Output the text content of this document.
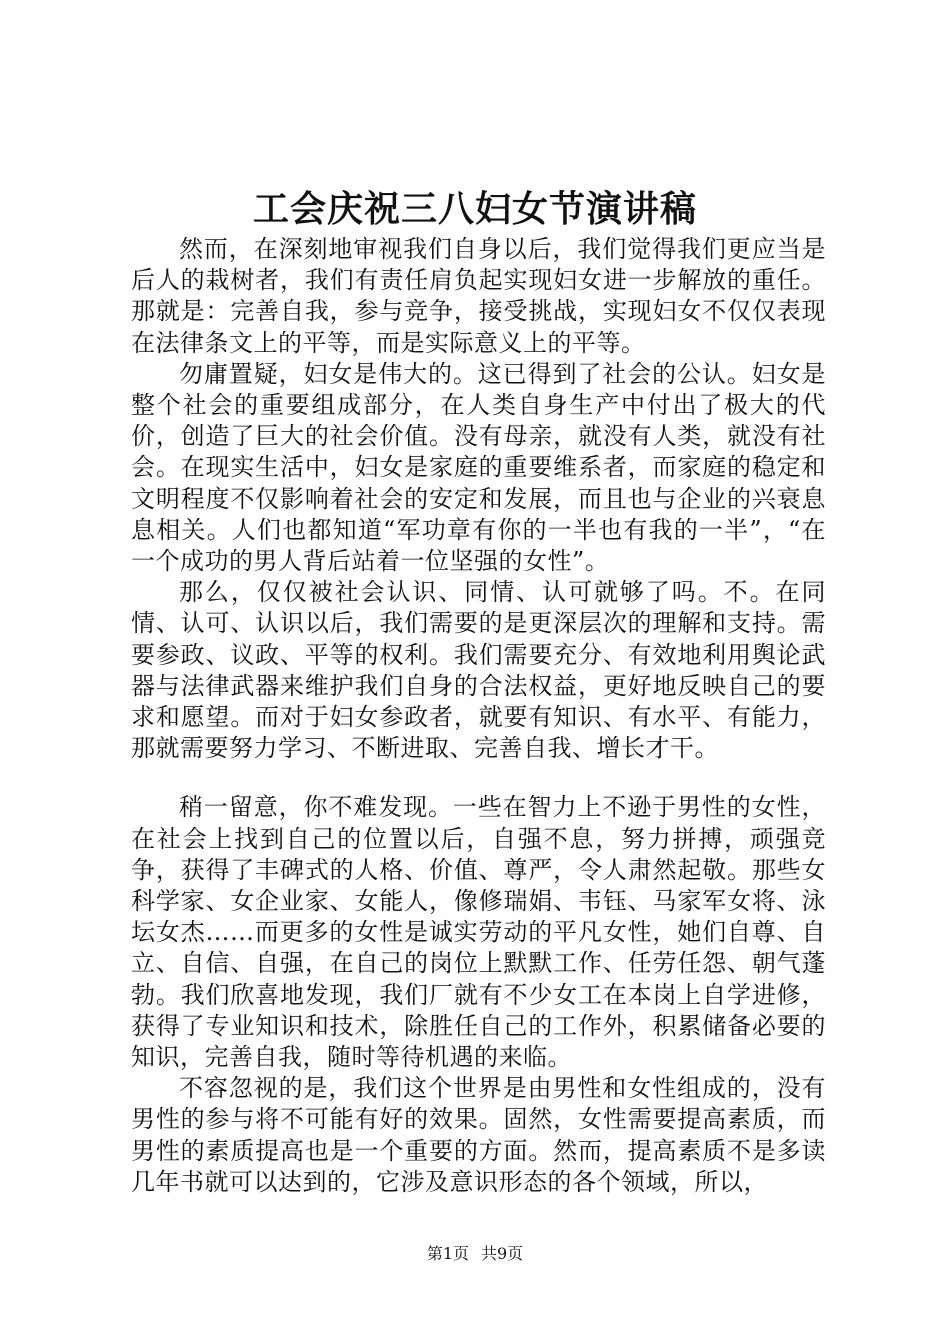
工会庆祝三八妇女节演讲稿

然而，在深刻地审视我们自身以后，我们觉得我们更应当是后人的栽树者，我们有责任肩负起实现妇女进一步解放的重任。那就是：完善自我，参与竞争，接受挑战，实现妇女不仅仅表现在法律条文上的平等，而是实际意义上的平等。

勿庸置疑，妇女是伟大的。这已得到了社会的公认。妇女是整个社会的重要组成部分，在人类自身生产中付出了极大的代价，创造了巨大的社会价值。没有母亲，就没有人类，就没有社会。在现实生活中，妇女是家庭的重要维系者，而家庭的稳定和文明程度不仅影响着社会的安定和发展，而且也与企业的兴衰息息相关。人们也都知道“军功章有你的一半也有我的一半”，“在一个成功的男人背后站着一位坚强的女性”。

那么，仅仅被社会认识、同情、认可就够了吗。不。在同情、认可、认识以后，我们需要的是更深层次的理解和支持。需要参政、议政、平等的权利。我们需要充分、有效地利用舆论武器与法律武器来维护我们自身的合法权益，更好地反映自己的要求和愿望。而对于妇女参政者，就要有知识、有水平、有能力，那就需要努力学习、不断进取、完善自我、增长才干。

稍一留意，你不难发现。一些在智力上不逊于男性的女性，在社会上找到自己的位置以后，自强不息，努力拼搏，顽强竞争，获得了丰碑式的人格、价值、尊严，令人肃然起敬。那些女科学家、女企业家、女能人，像修瑞娟、韦钰、马家军女将、泳坛女杰……而更多的女性是诚实劳动的平凡女性，她们自尊、自立、自信、自强，在自己的岗位上默默工作、任劳任怨、朝气蓬勃。我们欣喜地发现，我们厂就有不少女工在本岗上自学进修，获得了专业知识和技术，除胜任自己的工作外，积累储备必要的知识，完善自我，随时等待机遇的来临。

不容忽视的是，我们这个世界是由男性和女性组成的，没有男性的参与将不可能有好的效果。固然，女性需要提高素质，而男性的素质提高也是一个重要的方面。然而，提高素质不是多读几年书就可以达到的，它涉及意识形态的各个领域，所以，

第1页 共9页
